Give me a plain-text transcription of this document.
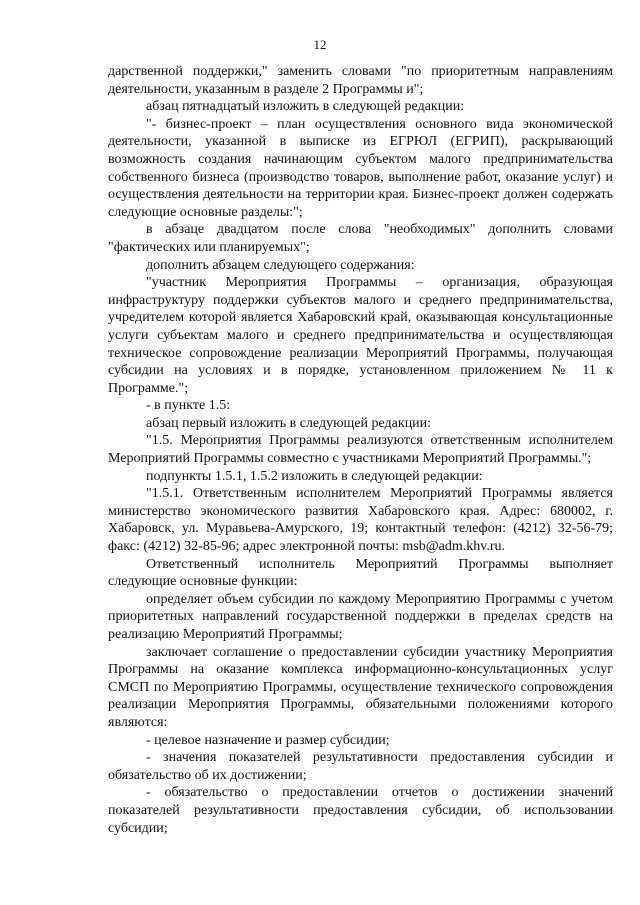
12

дарственной поддержки," заменить словами "по приоритетным направлениям деятельности, указанным в разделе 2 Программы и";

абзац пятнадцатый изложить в следующей редакции:

"- бизнес-проект – план осуществления основного вида экономической деятельности, указанной в выписке из ЕГРЮЛ (ЕГРИП), раскрывающий возможность создания начинающим субъектом малого предпринимательства собственного бизнеса (производство товаров, выполнение работ, оказание услуг) и осуществления деятельности на территории края. Бизнес-проект должен содержать следующие основные разделы:";

в абзаце двадцатом после слова "необходимых" дополнить словами "фактических или планируемых";

дополнить абзацем следующего содержания:

"участник Мероприятия Программы – организация, образующая инфраструктуру поддержки субъектов малого и среднего предпринимательства, учредителем которой является Хабаровский край, оказывающая консультационные услуги субъектам малого и среднего предпринимательства и осуществляющая техническое сопровождение реализации Мероприятий Программы, получающая субсидии на условиях и в порядке, установленном приложением № 11 к Программе.";

- в пункте 1.5:

абзац первый изложить в следующей редакции:

"1.5. Мероприятия Программы реализуются ответственным исполнителем Мероприятий Программы совместно с участниками Мероприятий Программы.";

подпункты 1.5.1, 1.5.2 изложить в следующей редакции:

"1.5.1. Ответственным исполнителем Мероприятий Программы является министерство экономического развития Хабаровского края. Адрес: 680002, г. Хабаровск, ул. Муравьева-Амурского, 19; контактный телефон: (4212) 32-56-79; факс: (4212) 32-85-96; адрес электронной почты: msb@adm.khv.ru.

Ответственный исполнитель Мероприятий Программы выполняет следующие основные функции:

определяет объем субсидии по каждому Мероприятию Программы с учетом приоритетных направлений государственной поддержки в пределах средств на реализацию Мероприятий Программы;

заключает соглашение о предоставлении субсидии участнику Мероприятия Программы на оказание комплекса информационно-консультационных услуг СМСП по Мероприятию Программы, осуществление технического сопровождения реализации Мероприятия Программы, обязательными положениями которого являются:

- целевое назначение и размер субсидии;

- значения показателей результативности предоставления субсидии и обязательство об их достижении;

- обязательство о предоставлении отчетов о достижении значений показателей результативности предоставления субсидии, об использовании субсидии;
